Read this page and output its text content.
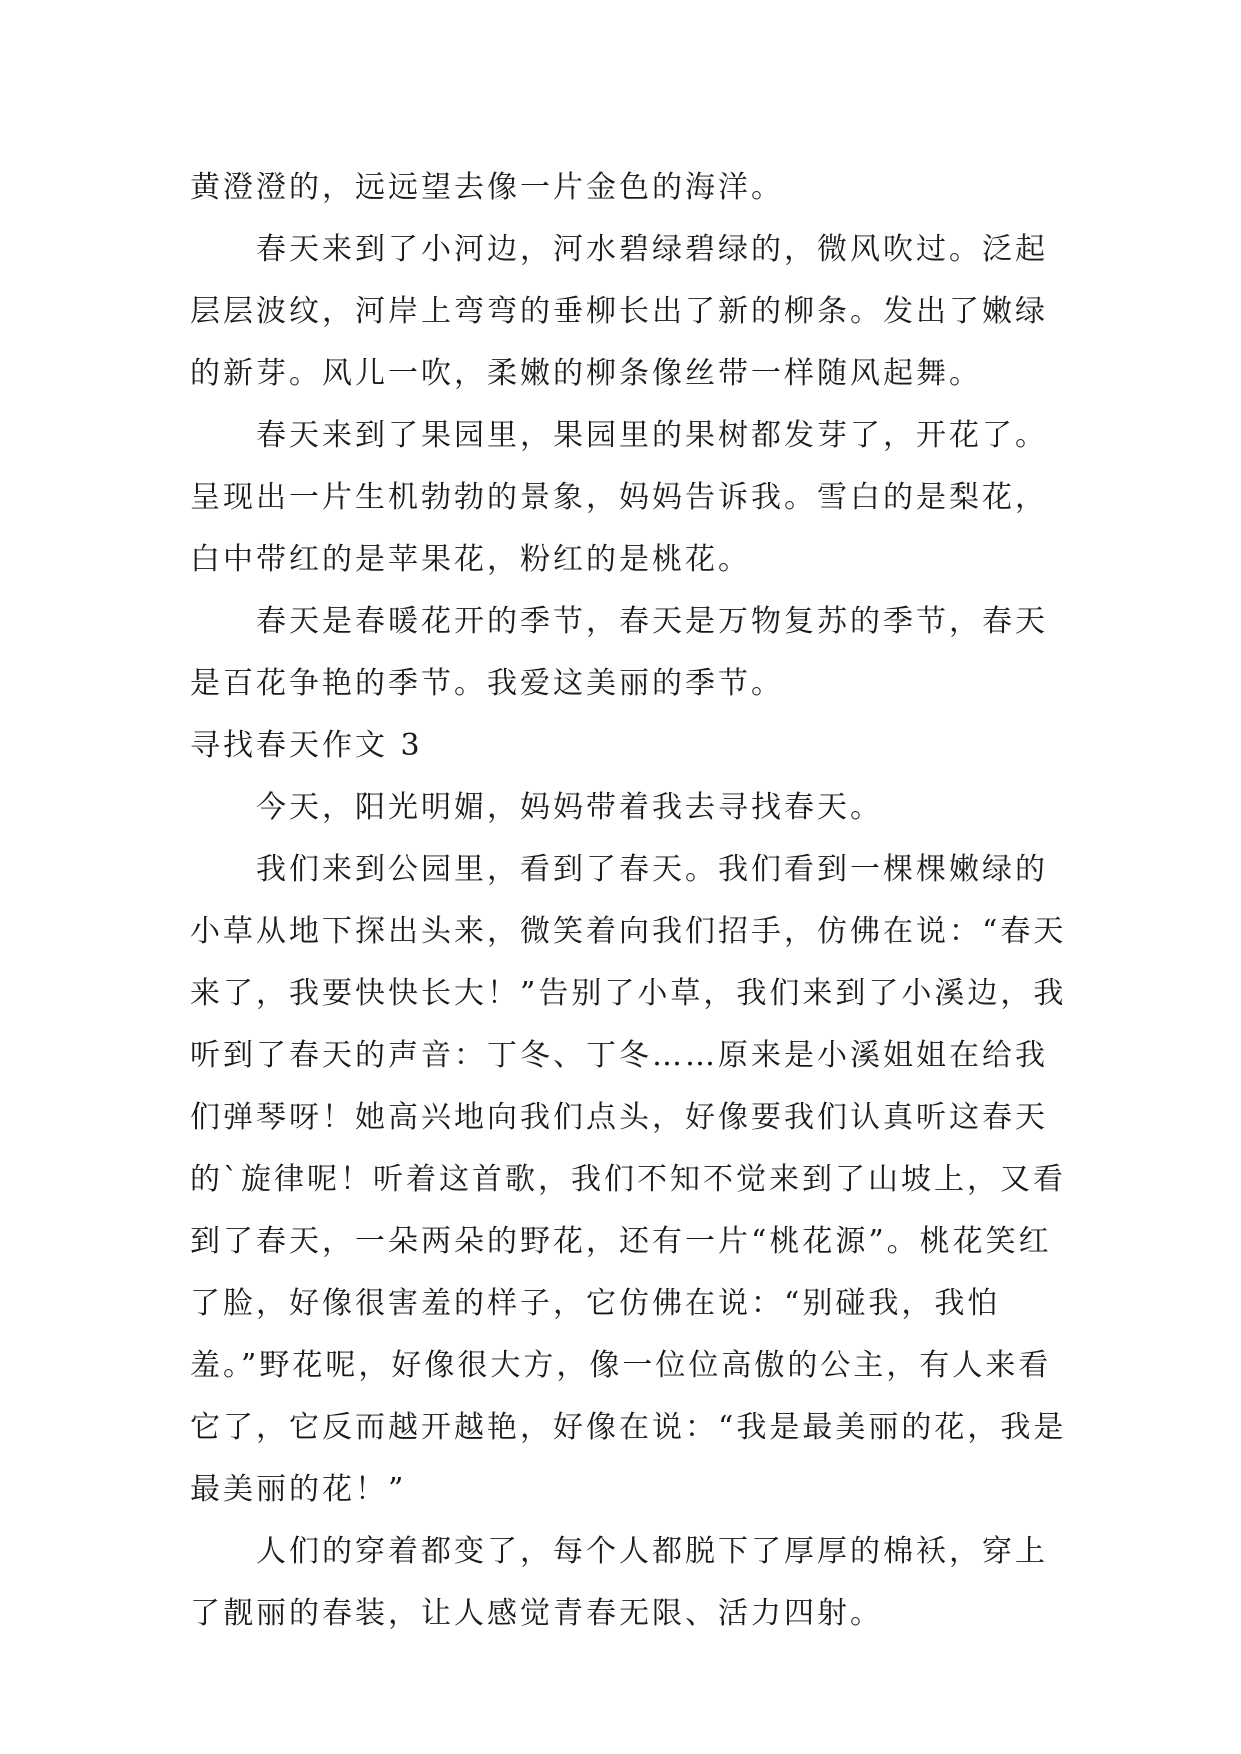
黄澄澄的，远远望去像一片金色的海洋。

春天来到了小河边，河水碧绿碧绿的，微风吹过。泛起层层波纹，河岸上弯弯的垂柳长出了新的柳条。发出了嫩绿的新芽。风儿一吹，柔嫩的柳条像丝带一样随风起舞。

春天来到了果园里，果园里的果树都发芽了，开花了。呈现出一片生机勃勃的景象，妈妈告诉我。雪白的是梨花，白中带红的是苹果花，粉红的是桃花。

春天是春暖花开的季节，春天是万物复苏的季节，春天是百花争艳的季节。我爱这美丽的季节。

寻找春天作文 3

今天，阳光明媚，妈妈带着我去寻找春天。

我们来到公园里，看到了春天。我们看到一棵棵嫩绿的小草从地下探出头来，微笑着向我们招手，仿佛在说：“春天来了，我要快快长大！”告别了小草，我们来到了小溪边，我听到了春天的声音：丁冬、丁冬……原来是小溪姐姐在给我们弹琴呀！她高兴地向我们点头，好像要我们认真听这春天的`旋律呢！听着这首歌，我们不知不觉来到了山坡上，又看到了春天，一朵两朵的野花，还有一片“桃花源”。桃花笑红了脸，好像很害羞的样子，它仿佛在说：“别碰我，我怕羞。”野花呢，好像很大方，像一位位高傲的公主，有人来看它了，它反而越开越艳，好像在说：“我是最美丽的花，我是最美丽的花！”

人们的穿着都变了，每个人都脱下了厚厚的棉袄，穿上了靓丽的春装，让人感觉青春无限、活力四射。
